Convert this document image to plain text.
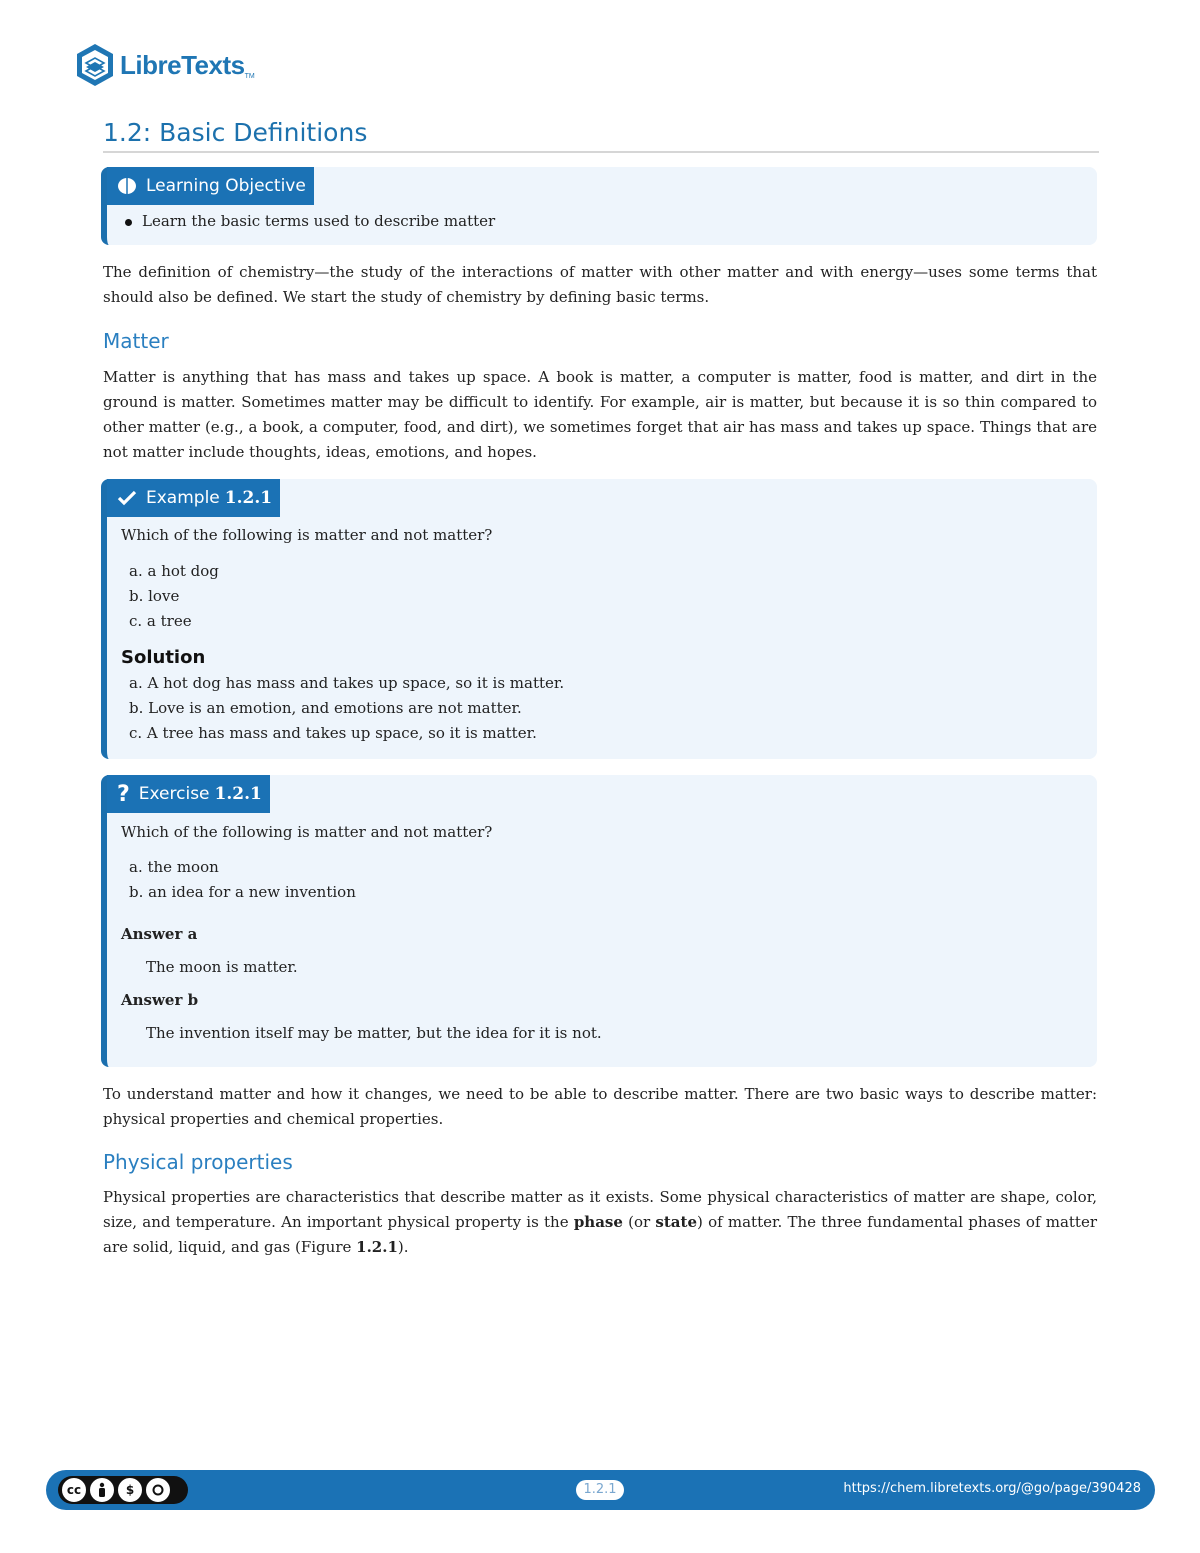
LibreTexts TM
1.2: Basic Definitions
Learning Objective
Learn the basic terms used to describe matter

The definition of chemistry—the study of the interactions of matter with other matter and with energy—uses some terms that should also be defined. We start the study of chemistry by defining basic terms.

Matter

Matter is anything that has mass and takes up space. A book is matter, a computer is matter, food is matter, and dirt in the ground is matter. Sometimes matter may be difficult to identify. For example, air is matter, but because it is so thin compared to other matter (e.g., a book, a computer, food, and dirt), we sometimes forget that air has mass and takes up space. Things that are not matter include thoughts, ideas, emotions, and hopes.

Example 1.2.1
Which of the following is matter and not matter?
a. a hot dog
b. love
c. a tree
Solution
a. A hot dog has mass and takes up space, so it is matter.
b. Love is an emotion, and emotions are not matter.
c. A tree has mass and takes up space, so it is matter.
? Exercise 1.2.1
Which of the following is matter and not matter?
a. the moon
b. an idea for a new invention
Answer a
The moon is matter.
Answer b
The invention itself may be matter, but the idea for it is not.

To understand matter and how it changes, we need to be able to describe matter. There are two basic ways to describe matter: physical properties and chemical properties.

Physical properties

Physical properties are characteristics that describe matter as it exists. Some physical characteristics of matter are shape, color, size, and temperature. An important physical property is the phase (or state) of matter. The three fundamental phases of matter are solid, liquid, and gas (Figure 1.2.1).

cc	$	1.2.1	https://chem.libretexts.org/@go/page/390428
